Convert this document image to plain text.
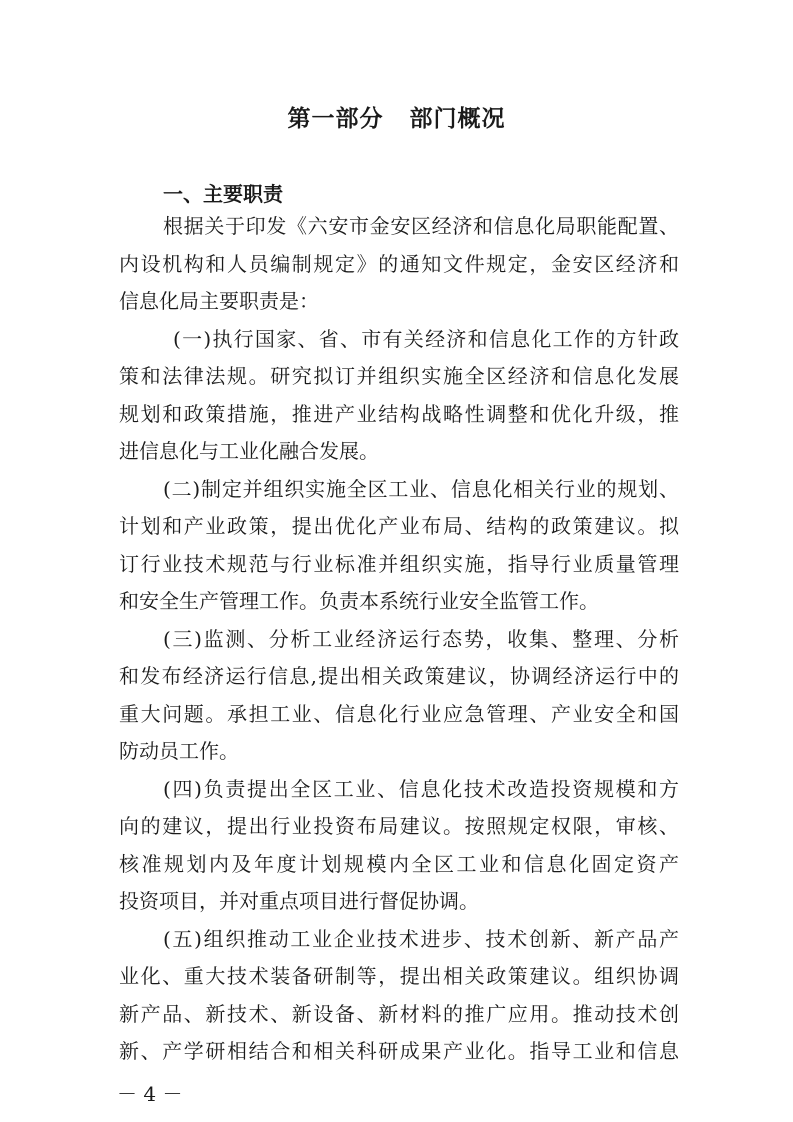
第一部分 部门概况
一、主要职责

根据关于印发《六安市金安区经济和信息化局职能配置、

内设机构和人员编制规定》的通知文件规定，金安区经济和

信息化局主要职责是：

(一)执行国家、省、市有关经济和信息化工作的方针政

策和法律法规。研究拟订并组织实施全区经济和信息化发展

规划和政策措施，推进产业结构战略性调整和优化升级，推

进信息化与工业化融合发展。

(二)制定并组织实施全区工业、信息化相关行业的规划、

计划和产业政策，提出优化产业布局、结构的政策建议。拟

订行业技术规范与行业标准并组织实施，指导行业质量管理

和安全生产管理工作。负责本系统行业安全监管工作。

(三)监测、分析工业经济运行态势，收集、整理、分析

和发布经济运行信息,提出相关政策建议，协调经济运行中的

重大问题。承担工业、信息化行业应急管理、产业安全和国

防动员工作。

(四)负责提出全区工业、信息化技术改造投资规模和方

向的建议，提出行业投资布局建议。按照规定权限，审核、

核准规划内及年度计划规模内全区工业和信息化固定资产

投资项目，并对重点项目进行督促协调。

(五)组织推动工业企业技术进步、技术创新、新产品产

业化、重大技术装备研制等，提出相关政策建议。组织协调

新产品、新技术、新设备、新材料的推广应用。推动技术创

新、产学研相结合和相关科研成果产业化。指导工业和信息

－ 4 －
